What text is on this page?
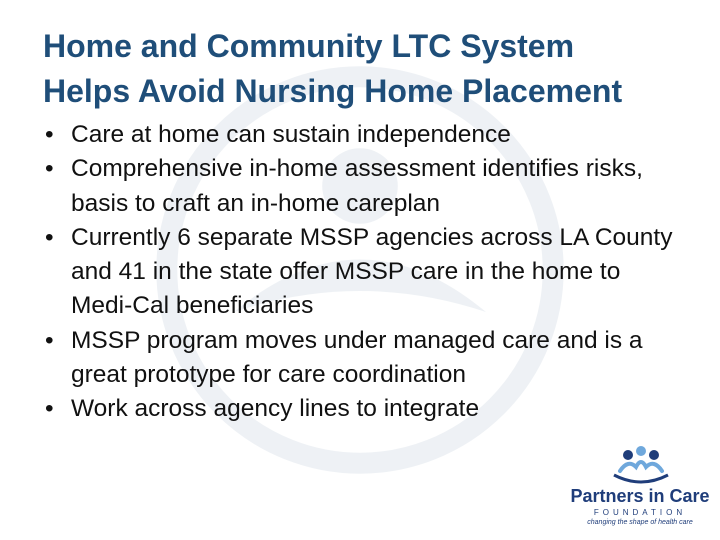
Home and Community LTC System
Helps Avoid Nursing Home Placement
• Care at home can sustain independence
• Comprehensive in-home assessment identifies risks, basis to craft an in-home careplan
• Currently 6 separate MSSP agencies across LA County and 41 in the state offer MSSP care in the home to Medi-Cal beneficiaries
• MSSP program moves under managed care and is a great prototype for care coordination
• Work across agency lines to integrate
Partners in Care
FOUNDATION
changing the shape of health care
